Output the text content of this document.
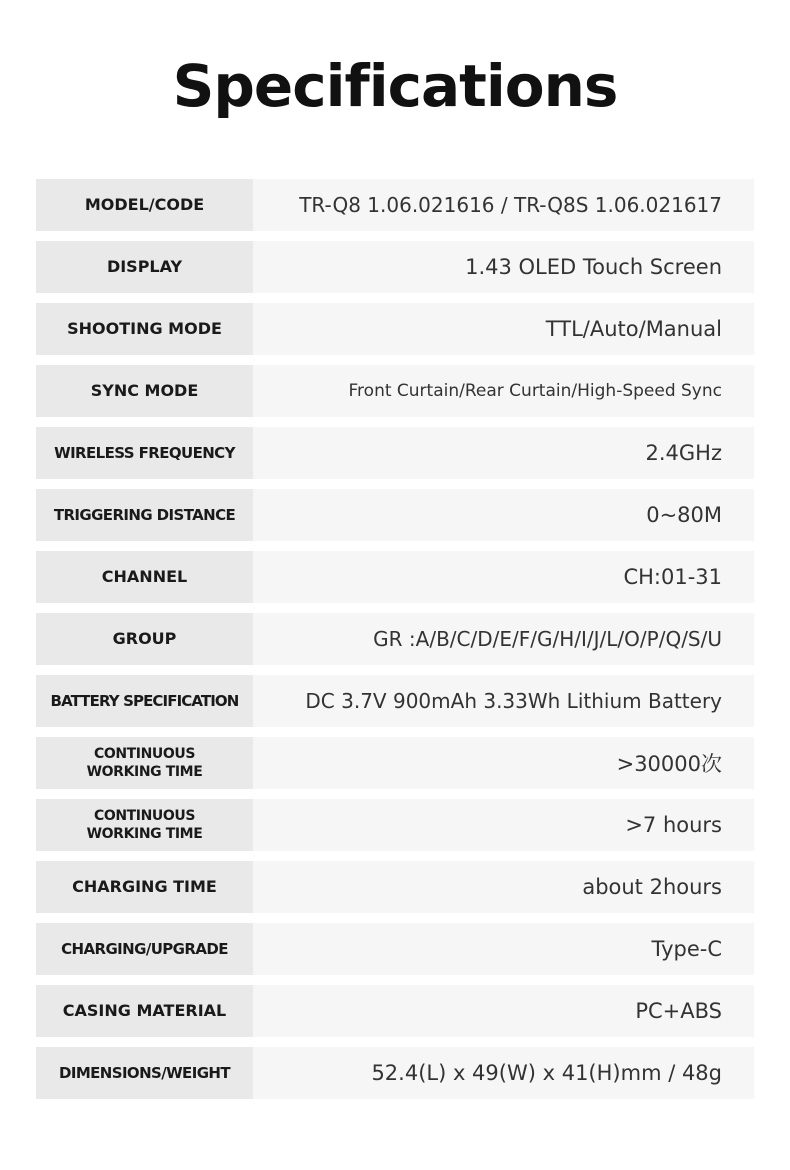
Specifications
MODEL/CODE	TR-Q8 1.06.021616 / TR-Q8S 1.06.021617
DISPLAY	1.43 OLED Touch Screen
SHOOTING MODE	TTL/Auto/Manual
SYNC MODE	Front Curtain/Rear Curtain/High-Speed Sync
WIRELESS FREQUENCY	2.4GHz
TRIGGERING DISTANCE	0~80M
CHANNEL	CH:01-31
GROUP	GR :A/B/C/D/E/F/G/H/I/J/L/O/P/Q/S/U
BATTERY SPECIFICATION	DC 3.7V 900mAh 3.33Wh Lithium Battery
CONTINUOUS
WORKING TIME	>30000次
CONTINUOUS
WORKING TIME	>7 hours
CHARGING TIME	about 2hours
CHARGING/UPGRADE	Type-C
CASING MATERIAL	PC+ABS
DIMENSIONS/WEIGHT	52.4(L) x 49(W) x 41(H)mm / 48g
